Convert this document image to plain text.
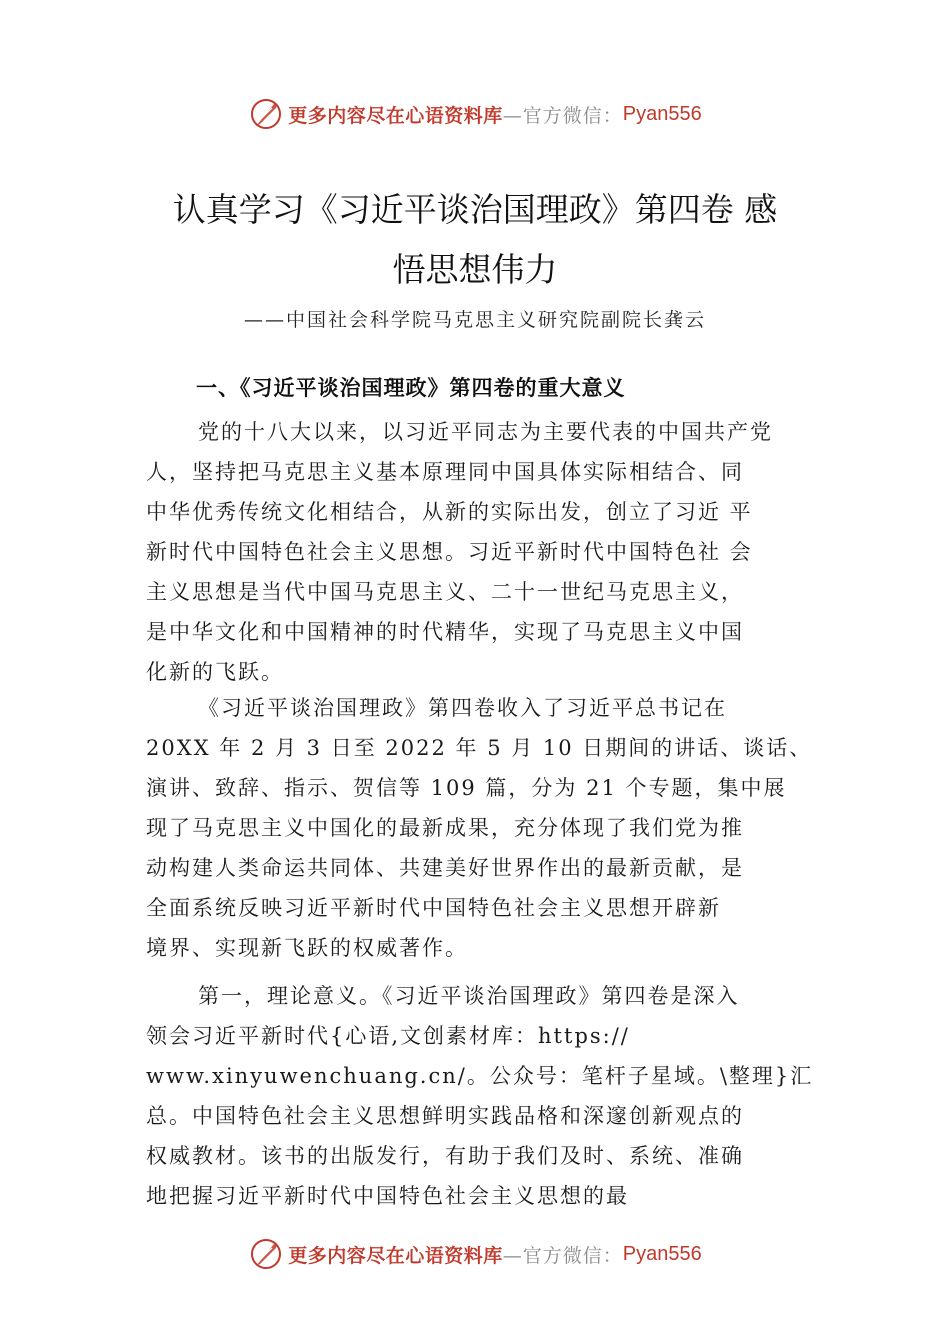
更多内容尽在心语资料库 —官方微信： Pyan556
认真学习《习近平谈治国理政》第四卷 感
悟思想伟力
——中国社会科学院马克思主义研究院副院长龚云
一、《习近平谈治国理政》第四卷的重大意义
党的十八大以来，以习近平同志为主要代表的中国共产党
人，坚持把马克思主义基本原理同中国具体实际相结合、同
中华优秀传统文化相结合，从新的实际出发，创立了习近 平
新时代中国特色社会主义思想。习近平新时代中国特色社 会
主义思想是当代中国马克思主义、二十一世纪马克思主义，
是中华文化和中国精神的时代精华，实现了马克思主义中国
化新的飞跃。
《习近平谈治国理政》第四卷收入了习近平总书记在
20XX 年 2 月 3 日至 2022 年 5 月 10 日期间的讲话、谈话、
演讲、致辞、指示、贺信等 109 篇，分为 21 个专题，集中展
现了马克思主义中国化的最新成果，充分体现了我们党为推
动构建人类命运共同体、共建美好世界作出的最新贡献，是
全面系统反映习近平新时代中国特色社会主义思想开辟新
境界、实现新飞跃的权威著作。
第一，理论意义。《习近平谈治国理政》第四卷是深入
领会习近平新时代{心语,文创素材库：https://
www.xinyuwenchuang.cn/。公众号：笔杆子星域。\整理}汇
总。中国特色社会主义思想鲜明实践品格和深邃创新观点的
权威教材。该书的出版发行，有助于我们及时、系统、准确
地把握习近平新时代中国特色社会主义思想的最
更多内容尽在心语资料库 —官方微信： Pyan556
